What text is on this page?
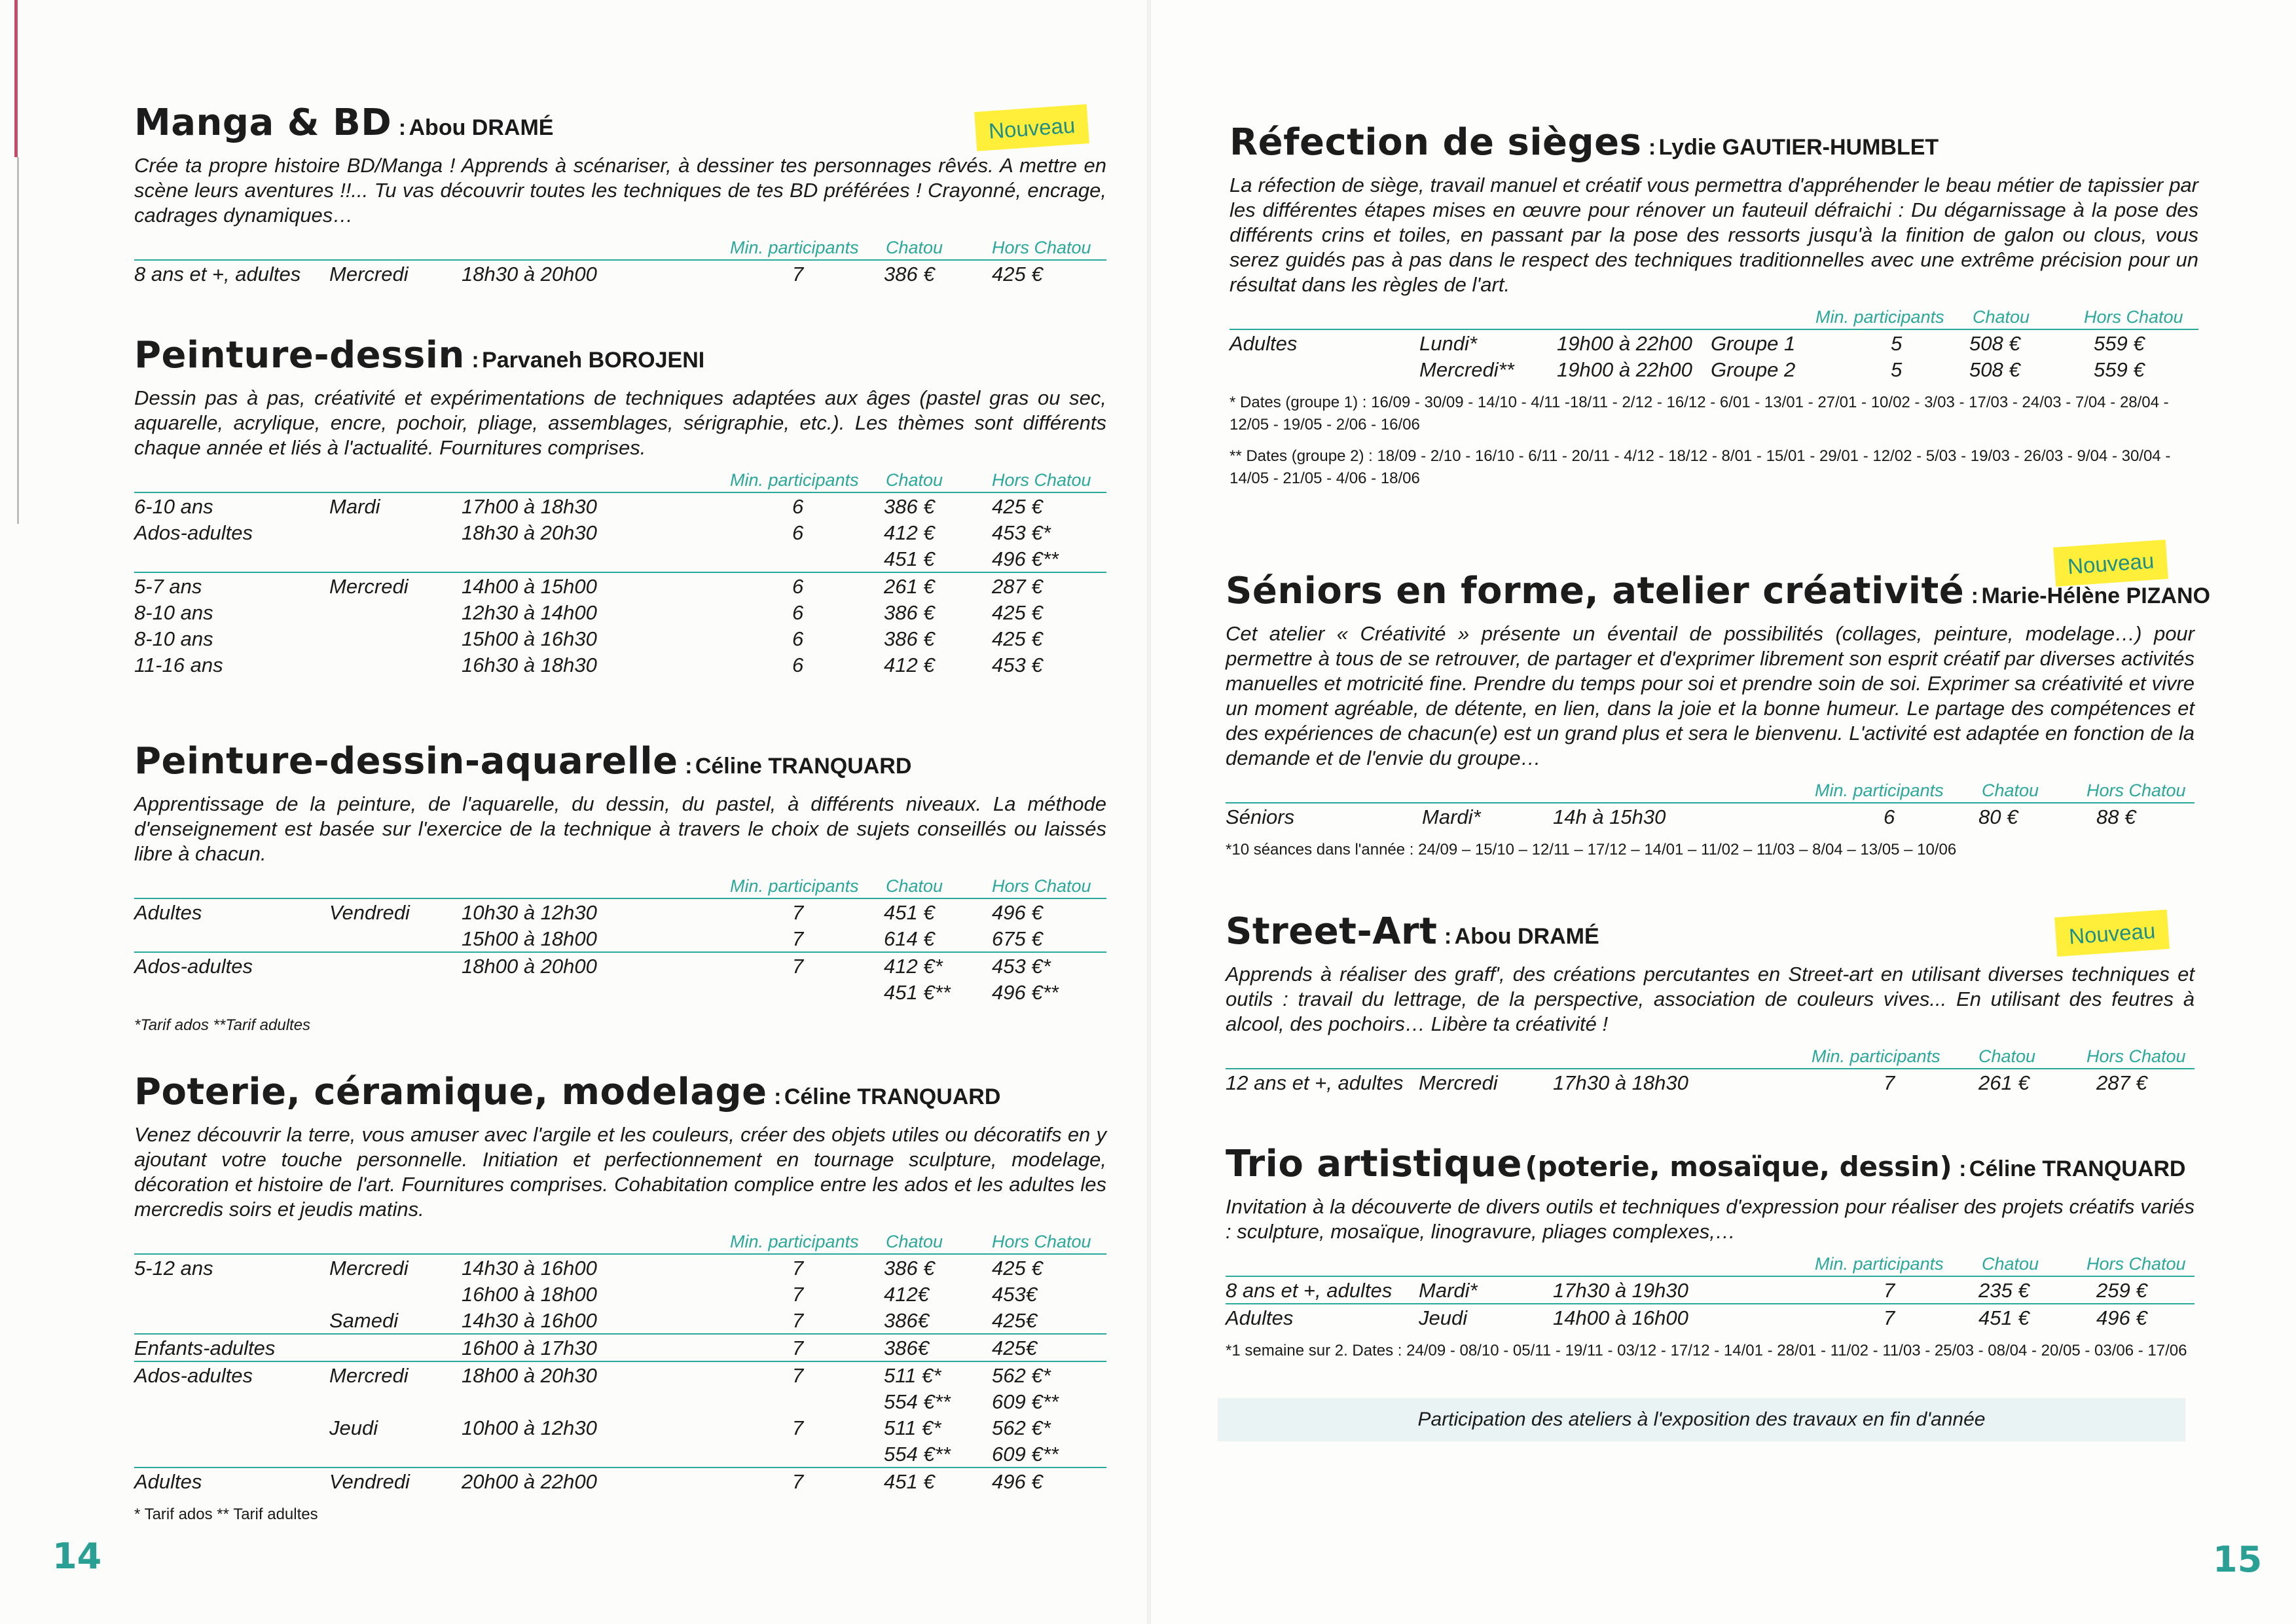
Manga & BD : Abou DRAMÉ
Crée ta propre histoire BD/Manga ! Apprends à scénariser, à dessiner tes personnages rêvés. A mettre en scène leurs aventures !!... Tu vas découvrir toutes les techniques de tes BD préférées ! Crayonné, encrage, cadrages dynamiques…
Min. participants Chatou	Hors Chatou
8 ans et +, adultes Mercredi	18h30 à 20h00	7	386 €	425 €
Nouveau
Peinture-dessin : Parvaneh BOROJENI
Dessin pas à pas, créativité et expérimentations de techniques adaptées aux âges (pastel gras ou sec, aquarelle, acrylique, encre, pochoir, pliage, assemblages, sérigraphie, etc.). Les thèmes sont différents chaque année et liés à l'actualité. Fournitures comprises.
Min. participants Chatou	Hors Chatou
6-10 ans	Mardi	17h00 à 18h30	6	386 €	425 €
Ados-adultes	18h30 à 20h30	6	412 €	453 €*
451 €	496 €**
5-7 ans	Mercredi	14h00 à 15h00	6	261 €	287 €
8-10 ans	12h30 à 14h00	6	386 €	425 €
8-10 ans	15h00 à 16h30	6	386 €	425 €
11-16 ans	16h30 à 18h30	6	412 €	453 €
Peinture-dessin-aquarelle : Céline TRANQUARD
Apprentissage de la peinture, de l'aquarelle, du dessin, du pastel, à différents niveaux. La méthode d'enseignement est basée sur l'exercice de la technique à travers le choix de sujets conseillés ou laissés libre à chacun.
Min. participants Chatou	Hors Chatou
Adultes	Vendredi	10h30 à 12h30	7	451 €	496 €
15h00 à 18h00	7	614 €	675 €
Ados-adultes	18h00 à 20h00	7	412 €* 453 €*
451 €** 496 €**
*Tarif ados **Tarif adultes
Poterie, céramique, modelage : Céline TRANQUARD
Venez découvrir la terre, vous amuser avec l'argile et les couleurs, créer des objets utiles ou décoratifs en y ajoutant votre touche personnelle. Initiation et perfectionnement en tournage sculpture, modelage, décoration et histoire de l'art. Fournitures comprises. Cohabitation complice entre les ados et les adultes les mercredis soirs et jeudis matins.
Min. participants Chatou	Hors Chatou
5-12 ans	Mercredi	14h30 à 16h00	7	386 €	425 €
16h00 à 18h00	7	412€	453€
Samedi	14h30 à 16h00	7	386€	425€
Enfants-adultes	16h00 à 17h30	7	386€	425€
Ados-adultes	Mercredi	18h00 à 20h30	7	511 €*	562 €*
554 €** 609 €**
Jeudi	10h00 à 12h30	7	511 €*	562 €*
554 €** 609 €**
Adultes	Vendredi	20h00 à 22h00	7	451 €	496 €
* Tarif ados ** Tarif adultes
14
Réfection de sièges : Lydie GAUTIER-HUMBLET
La réfection de siège, travail manuel et créatif vous permettra d'appréhender le beau métier de tapissier par les différentes étapes mises en œuvre pour rénover un fauteuil défraichi : Du dégarnissage à la pose des différents crins et toiles, en passant par la pose des ressorts jusqu'à la finition de galon ou clous, vous serez guidés pas à pas dans le respect des techniques traditionnelles avec une extrême précision pour un résultat dans les règles de l'art.
Min. participants Chatou	Hors Chatou
Adultes	Lundi*	19h00 à 22h00 Groupe 1	5	508 €	559 €
Mercredi** 19h00 à 22h00 Groupe 2	5	508 €	559 €
* Dates (groupe 1) : 16/09 - 30/09 - 14/10 - 4/11 -18/11 - 2/12 - 16/12 - 6/01 - 13/01 - 27/01 - 10/02 - 3/03 - 17/03 - 24/03 - 7/04 - 28/04 - 12/05 - 19/05 - 2/06 - 16/06
** Dates (groupe 2) : 18/09 - 2/10 - 16/10 - 6/11 - 20/11 - 4/12 - 18/12 - 8/01 - 15/01 - 29/01 - 12/02 - 5/03 - 19/03 - 26/03 - 9/04 - 30/04 - 14/05 - 21/05 - 4/06 - 18/06
Nouveau
Séniors en forme, atelier créativité : Marie-Hélène PIZANO
Cet atelier « Créativité » présente un éventail de possibilités (collages, peinture, modelage…) pour permettre à tous de se retrouver, de partager et d'exprimer librement son esprit créatif par diverses activités manuelles et motricité fine. Prendre du temps pour soi et prendre soin de soi. Exprimer sa créativité et vivre un moment agréable, de détente, en lien, dans la joie et la bonne humeur. Le partage des compétences et des expériences de chacun(e) est un grand plus et sera le bienvenu. L'activité est adaptée en fonction de la demande et de l'envie du groupe…
Min. participants Chatou	Hors Chatou
Séniors	Mardi*	14h à 15h30	6	80 €	88 €
*10 séances dans l'année : 24/09 – 15/10 – 12/11 – 17/12 – 14/01 – 11/02 – 11/03 – 8/04 – 13/05 – 10/06
Nouveau
Street-Art : Abou DRAMÉ
Apprends à réaliser des graff', des créations percutantes en Street-art en utilisant diverses techniques et outils : travail du lettrage, de la perspective, association de couleurs vives... En utilisant des feutres à alcool, des pochoirs… Libère ta créativité !
Min. participants Chatou	Hors Chatou
12 ans et +, adultes Mercredi	17h30 à 18h30	7	261 €	287 €
Trio artistique (poterie, mosaïque, dessin) : Céline TRANQUARD
Invitation à la découverte de divers outils et techniques d'expression pour réaliser des projets créatifs variés : sculpture, mosaïque, linogravure, pliages complexes,…
Min. participants Chatou	Hors Chatou
8 ans et +, adultes Mardi*	17h30 à 19h30	7	235 €	259 €
Adultes	Jeudi	14h00 à 16h00	7	451 €	496 €
*1 semaine sur 2. Dates : 24/09 - 08/10 - 05/11 - 19/11 - 03/12 - 17/12 - 14/01 - 28/01 - 11/02 - 11/03 - 25/03 - 08/04 - 20/05 - 03/06 - 17/06
Participation des ateliers à l'exposition des travaux en fin d'année
15
